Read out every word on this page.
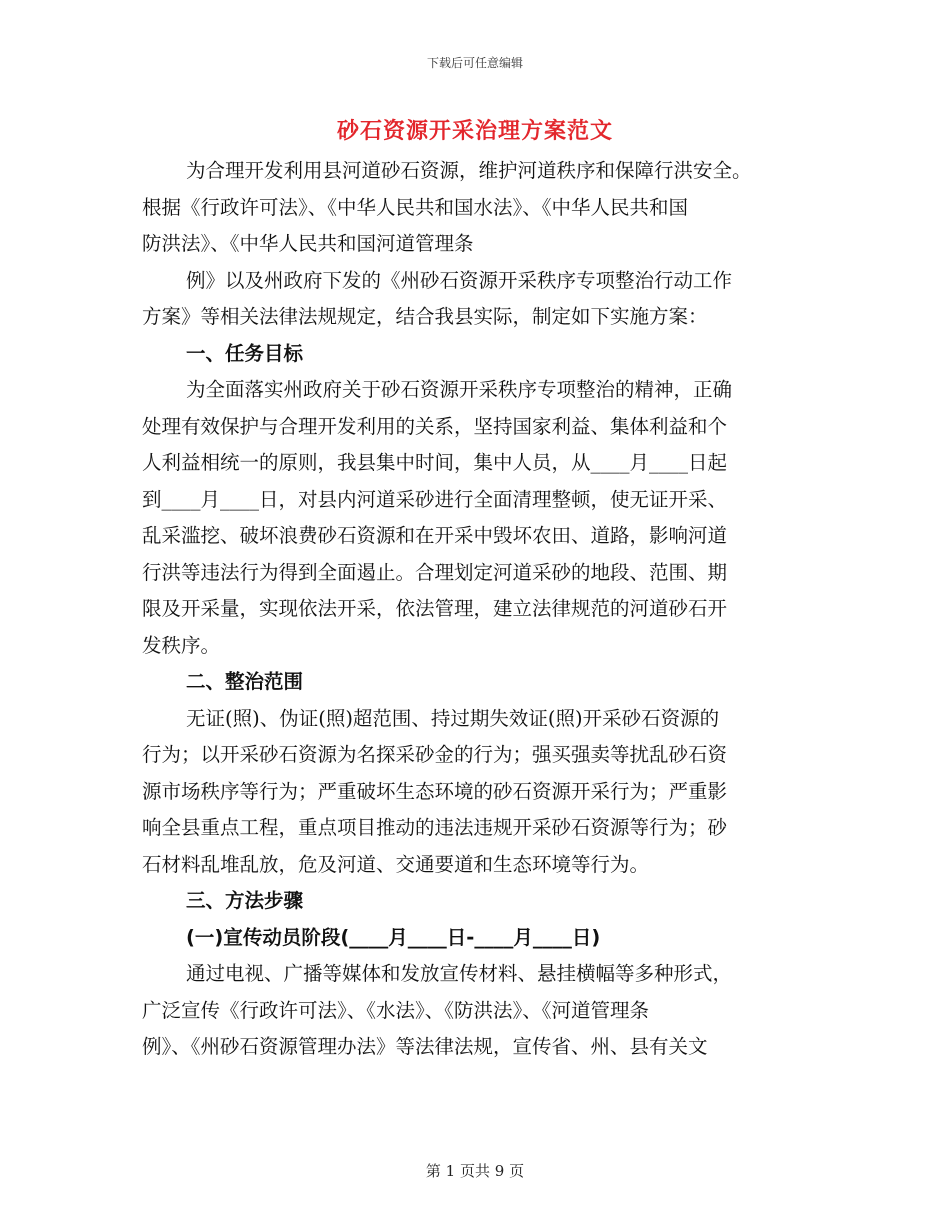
下载后可任意编辑
砂石资源开采治理方案范文
为合理开发利用县河道砂石资源，维护河道秩序和保障行洪安全。
根据《行政许可法》、《中华人民共和国水法》、《中华人民共和国
防洪法》、《中华人民共和国河道管理条
例》以及州政府下发的《州砂石资源开采秩序专项整治行动工作
方案》等相关法律法规规定，结合我县实际，制定如下实施方案：
一、任务目标
为全面落实州政府关于砂石资源开采秩序专项整治的精神，正确
处理有效保护与合理开发利用的关系，坚持国家利益、集体利益和个
人利益相统一的原则，我县集中时间，集中人员，从____月____日起
到____月____日，对县内河道采砂进行全面清理整顿，使无证开采、
乱采滥挖、破坏浪费砂石资源和在开采中毁坏农田、道路，影响河道
行洪等违法行为得到全面遏止。合理划定河道采砂的地段、范围、期
限及开采量，实现依法开采，依法管理，建立法律规范的河道砂石开
发秩序。
二、整治范围
无证(照)、伪证(照)超范围、持过期失效证(照)开采砂石资源的
行为；以开采砂石资源为名探采砂金的行为；强买强卖等扰乱砂石资
源市场秩序等行为；严重破坏生态环境的砂石资源开采行为；严重影
响全县重点工程，重点项目推动的违法违规开采砂石资源等行为；砂
石材料乱堆乱放，危及河道、交通要道和生态环境等行为。
三、方法步骤
(一)宣传动员阶段(____月____日-____月____日)
通过电视、广播等媒体和发放宣传材料、悬挂横幅等多种形式，
广泛宣传《行政许可法》、《水法》、《防洪法》、《河道管理条
例》、《州砂石资源管理办法》等法律法规，宣传省、州、县有关文
第 1 页共 9 页
